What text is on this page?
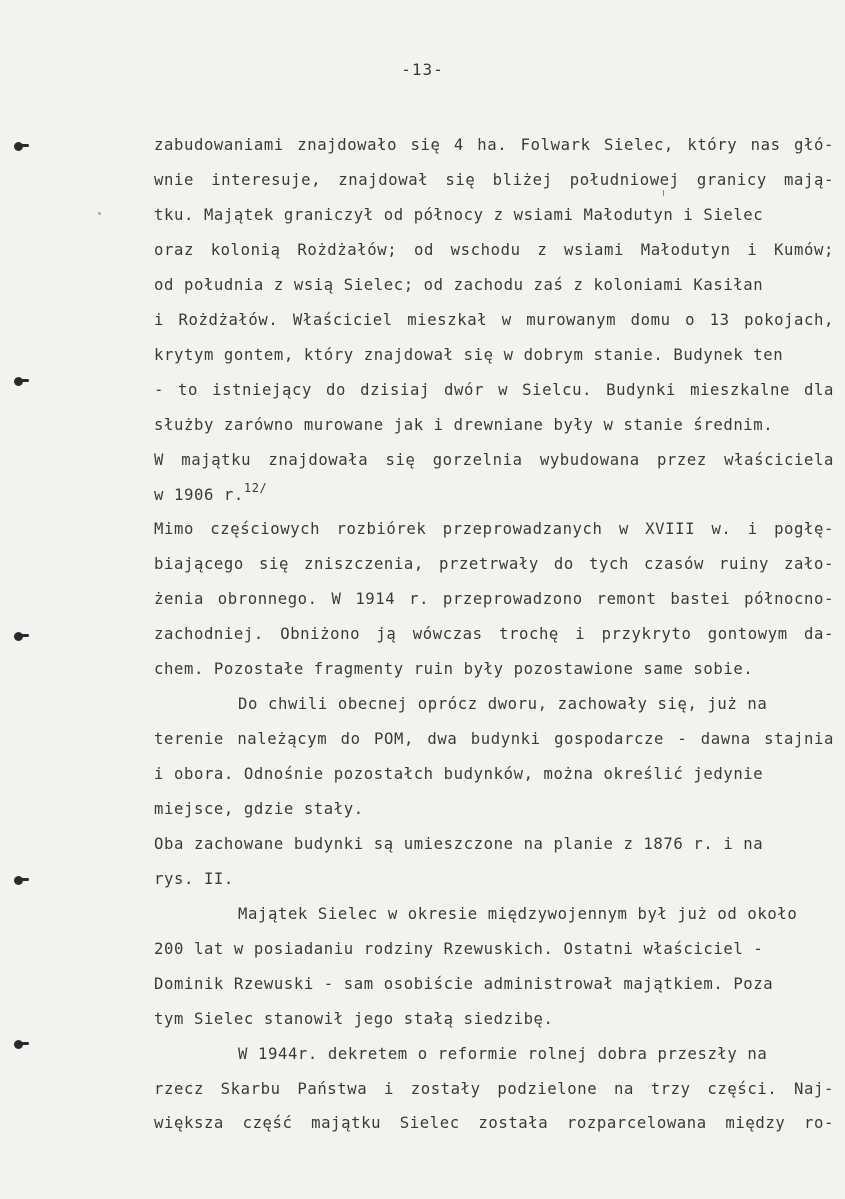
-13-
zabudowaniami znajdowało się 4 ha. Folwark Sielec, który nas głó-
wnie interesuje, znajdował się bliżej południowej granicy mają-
tku. Majątek graniczył od północy z wsiami Małodutyn i Sielec
oraz kolonią Rożdżałów; od wschodu z wsiami Małodutyn i Kumów;
od południa z wsią Sielec; od zachodu zaś z koloniami Kasiłan
i Rożdżałów. Właściciel mieszkał w murowanym domu o 13 pokojach,
krytym gontem, który znajdował się w dobrym stanie. Budynek ten
- to istniejący do dzisiaj dwór w Sielcu. Budynki mieszkalne dla
służby zarówno murowane jak i drewniane były w stanie średnim.
W majątku znajdowała się gorzelnia wybudowana przez właściciela
w 1906 r.$^{12/}$
Mimo częściowych rozbiórek przeprowadzanych w XVIII w. i pogłę-
biającego się zniszczenia, przetrwały do tych czasów ruiny zało-
żenia obronnego. W 1914 r. przeprowadzono remont bastei północno-
zachodniej. Obniżono ją wówczas trochę i przykryto gontowym da-
chem. Pozostałe fragmenty ruin były pozostawione same sobie.
Do chwili obecnej oprócz dworu, zachowały się, już na
terenie należącym do POM, dwa budynki gospodarcze - dawna stajnia
i obora. Odnośnie pozostałch budynków, można określić jedynie
miejsce, gdzie stały.
Oba zachowane budynki są umieszczone na planie z 1876 r. i na
rys. II.
Majątek Sielec w okresie międzywojennym był już od około
200 lat w posiadaniu rodziny Rzewuskich. Ostatni właściciel -
Dominik Rzewuski - sam osobiście administrował majątkiem. Poza
tym Sielec stanowił jego stałą siedzibę.
W 1944r. dekretem o reformie rolnej dobra przeszły na
rzecz Skarbu Państwa i zostały podzielone na trzy części. Naj-
większa część majątku Sielec została rozparcelowana między ro-
